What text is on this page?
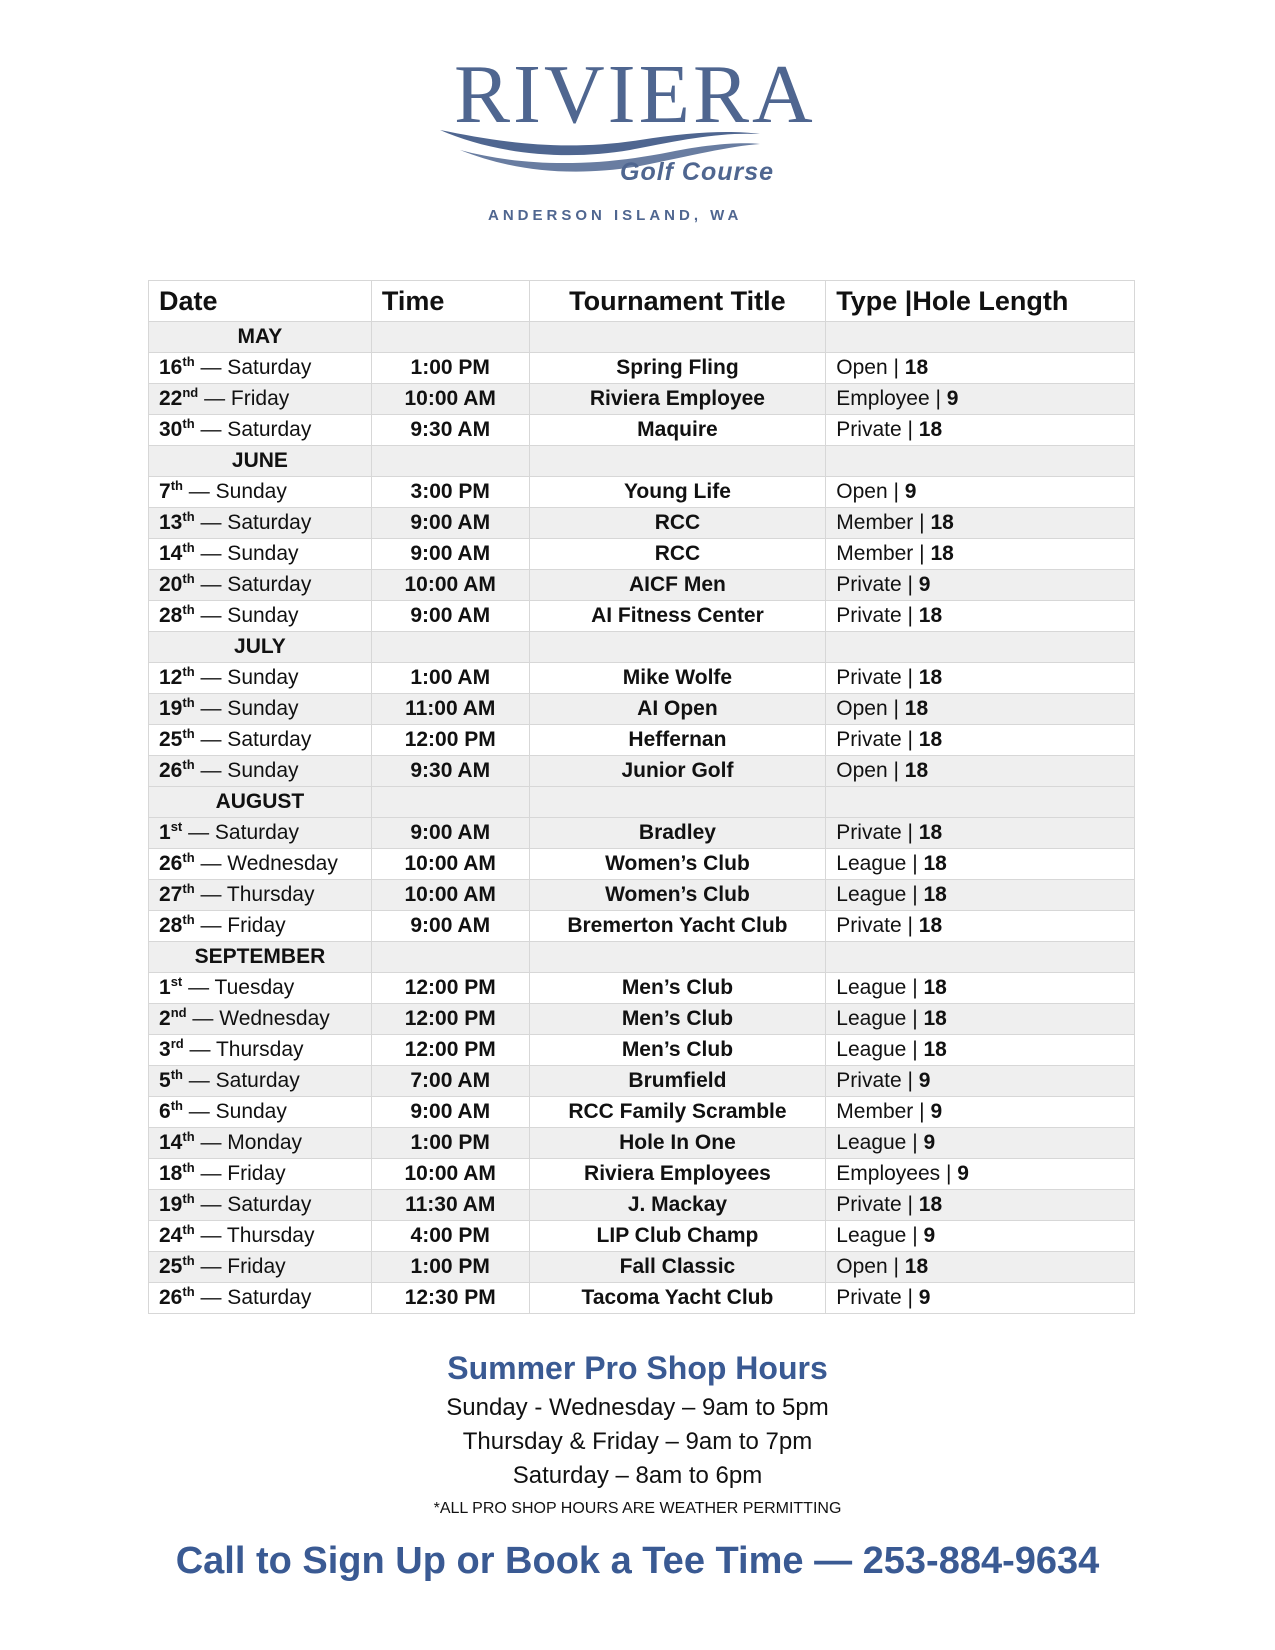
RIVIERA
Golf Course
ANDERSON ISLAND, WA
Date	Time	Tournament Title	Type |Hole Length
MAY			
16th — Saturday	1:00 PM	Spring Fling	Open | 18
22nd — Friday	10:00 AM	Riviera Employee	Employee | 9
30th — Saturday	9:30 AM	Maquire	Private | 18
JUNE			
7th — Sunday	3:00 PM	Young Life	Open | 9
13th — Saturday	9:00 AM	RCC	Member | 18
14th — Sunday	9:00 AM	RCC	Member | 18
20th — Saturday	10:00 AM	AICF Men	Private | 9
28th — Sunday	9:00 AM	AI Fitness Center	Private | 18
JULY			
12th — Sunday	1:00 AM	Mike Wolfe	Private | 18
19th — Sunday	11:00 AM	AI Open	Open | 18
25th — Saturday	12:00 PM	Heffernan	Private | 18
26th — Sunday	9:30 AM	Junior Golf	Open | 18
AUGUST			
1st — Saturday	9:00 AM	Bradley	Private | 18
26th — Wednesday	10:00 AM	Women’s Club	League | 18
27th — Thursday	10:00 AM	Women’s Club	League | 18
28th — Friday	9:00 AM	Bremerton Yacht Club	Private | 18
SEPTEMBER			
1st — Tuesday	12:00 PM	Men’s Club	League | 18
2nd — Wednesday	12:00 PM	Men’s Club	League | 18
3rd — Thursday	12:00 PM	Men’s Club	League | 18
5th — Saturday	7:00 AM	Brumfield	Private | 9
6th — Sunday	9:00 AM	RCC Family Scramble	Member | 9
14th — Monday	1:00 PM	Hole In One	League | 9
18th — Friday	10:00 AM	Riviera Employees	Employees | 9
19th — Saturday	11:30 AM	J. Mackay	Private | 18
24th — Thursday	4:00 PM	LIP Club Champ	League | 9
25th — Friday	1:00 PM	Fall Classic	Open | 18
26th — Saturday	12:30 PM	Tacoma Yacht Club	Private | 9
Summer Pro Shop Hours
Sunday - Wednesday – 9am to 5pm
Thursday & Friday – 9am to 7pm
Saturday – 8am to 6pm
*ALL PRO SHOP HOURS ARE WEATHER PERMITTING
Call to Sign Up or Book a Tee Time — 253-884-9634
